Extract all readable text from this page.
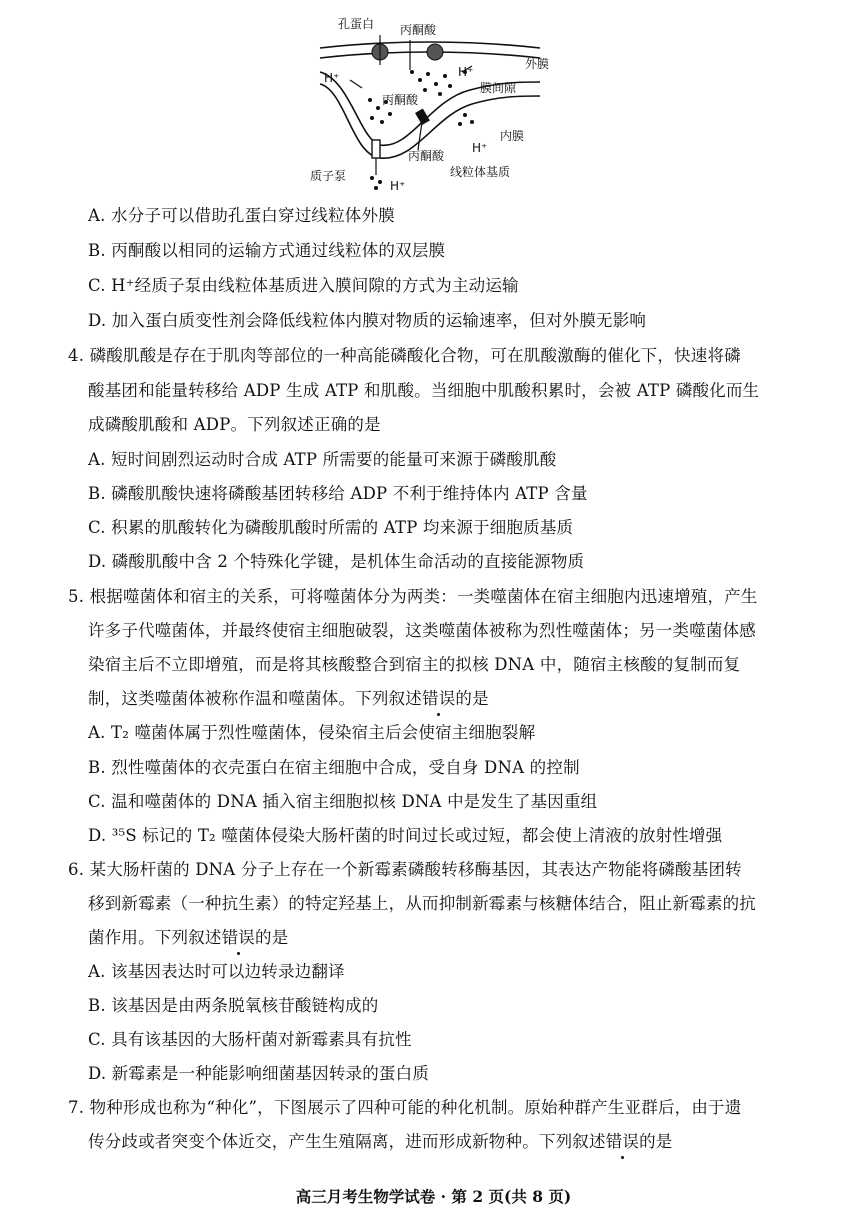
孔蛋白 丙酮酸
外膜
H⁺	H⁺
膜间隙
丙酮酸
内膜
H⁺
丙酮酸
质子泵	线粒体基质
H⁺
A. 水分子可以借助孔蛋白穿过线粒体外膜
B. 丙酮酸以相同的运输方式通过线粒体的双层膜
C. H⁺经质子泵由线粒体基质进入膜间隙的方式为主动运输
D. 加入蛋白质变性剂会降低线粒体内膜对物质的运输速率，但对外膜无影响
4. 磷酸肌酸是存在于肌肉等部位的一种高能磷酸化合物，可在肌酸激酶的催化下，快速将磷
酸基团和能量转移给 ADP 生成 ATP 和肌酸。当细胞中肌酸积累时，会被 ATP 磷酸化而生
成磷酸肌酸和 ADP。下列叙述正确的是
A. 短时间剧烈运动时合成 ATP 所需要的能量可来源于磷酸肌酸
B. 磷酸肌酸快速将磷酸基团转移给 ADP 不利于维持体内 ATP 含量
C. 积累的肌酸转化为磷酸肌酸时所需的 ATP 均来源于细胞质基质
D. 磷酸肌酸中含 2 个特殊化学键，是机体生命活动的直接能源物质
5. 根据噬菌体和宿主的关系，可将噬菌体分为两类：一类噬菌体在宿主细胞内迅速增殖，产生
许多子代噬菌体，并最终使宿主细胞破裂，这类噬菌体被称为烈性噬菌体；另一类噬菌体感
染宿主后不立即增殖，而是将其核酸整合到宿主的拟核 DNA 中，随宿主核酸的复制而复
制，这类噬菌体被称作温和噬菌体。下列叙述错误的是
A. T₂ 噬菌体属于烈性噬菌体，侵染宿主后会使宿主细胞裂解
B. 烈性噬菌体的衣壳蛋白在宿主细胞中合成，受自身 DNA 的控制
C. 温和噬菌体的 DNA 插入宿主细胞拟核 DNA 中是发生了基因重组
D. ³⁵S 标记的 T₂ 噬菌体侵染大肠杆菌的时间过长或过短，都会使上清液的放射性增强
6. 某大肠杆菌的 DNA 分子上存在一个新霉素磷酸转移酶基因，其表达产物能将磷酸基团转
移到新霉素（一种抗生素）的特定羟基上，从而抑制新霉素与核糖体结合，阻止新霉素的抗
菌作用。下列叙述错误的是
A. 该基因表达时可以边转录边翻译
B. 该基因是由两条脱氧核苷酸链构成的
C. 具有该基因的大肠杆菌对新霉素具有抗性
D. 新霉素是一种能影响细菌基因转录的蛋白质
7. 物种形成也称为“种化”，下图展示了四种可能的种化机制。原始种群产生亚群后，由于遗
传分歧或者突变个体近交，产生生殖隔离，进而形成新物种。下列叙述错误的是
高三月考生物学试卷 · 第 2 页(共 8 页)
